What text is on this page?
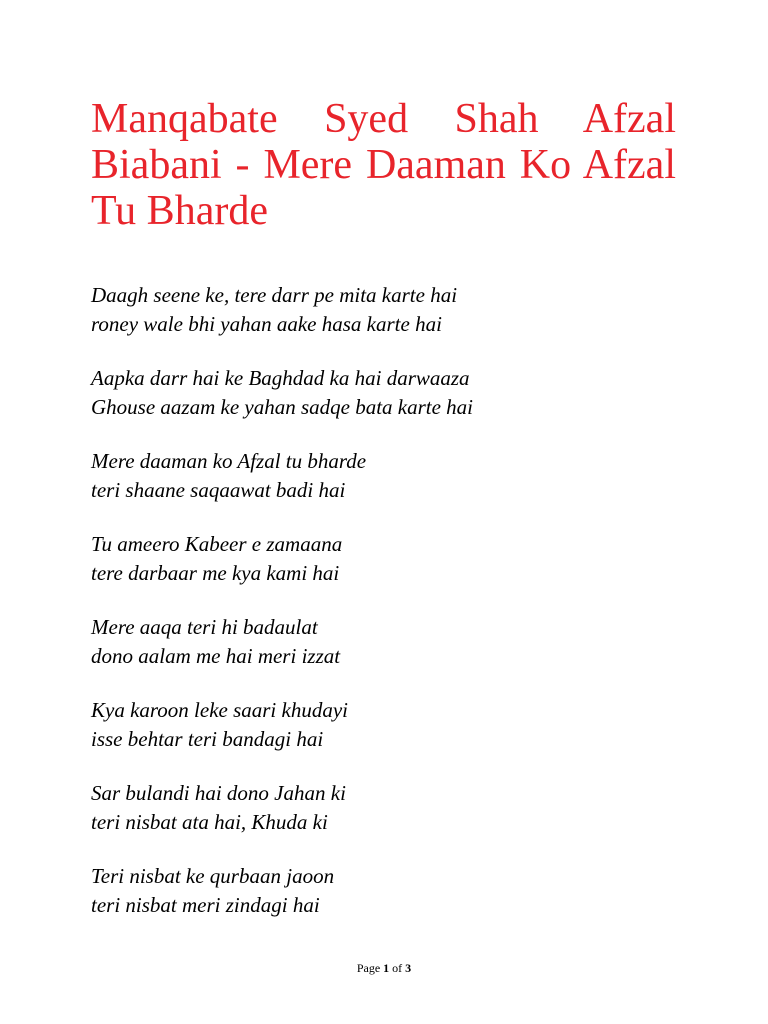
Manqabate Syed Shah Afzal Biabani - Mere Daaman Ko Afzal Tu Bharde
Daagh seene ke, tere darr pe mita karte hai
roney wale bhi yahan aake hasa karte hai
Aapka darr hai ke Baghdad ka hai darwaaza
Ghouse aazam ke yahan sadqe bata karte hai
Mere daaman ko Afzal tu bharde
teri shaane saqaawat badi hai
Tu ameero Kabeer e zamaana
tere darbaar me kya kami hai
Mere aaqa teri hi badaulat
dono aalam me hai meri izzat
Kya karoon leke saari khudayi
isse behtar teri bandagi hai
Sar bulandi hai dono Jahan ki
teri nisbat ata hai, Khuda ki
Teri nisbat ke qurbaan jaoon
teri nisbat meri zindagi hai
Page 1 of 3
